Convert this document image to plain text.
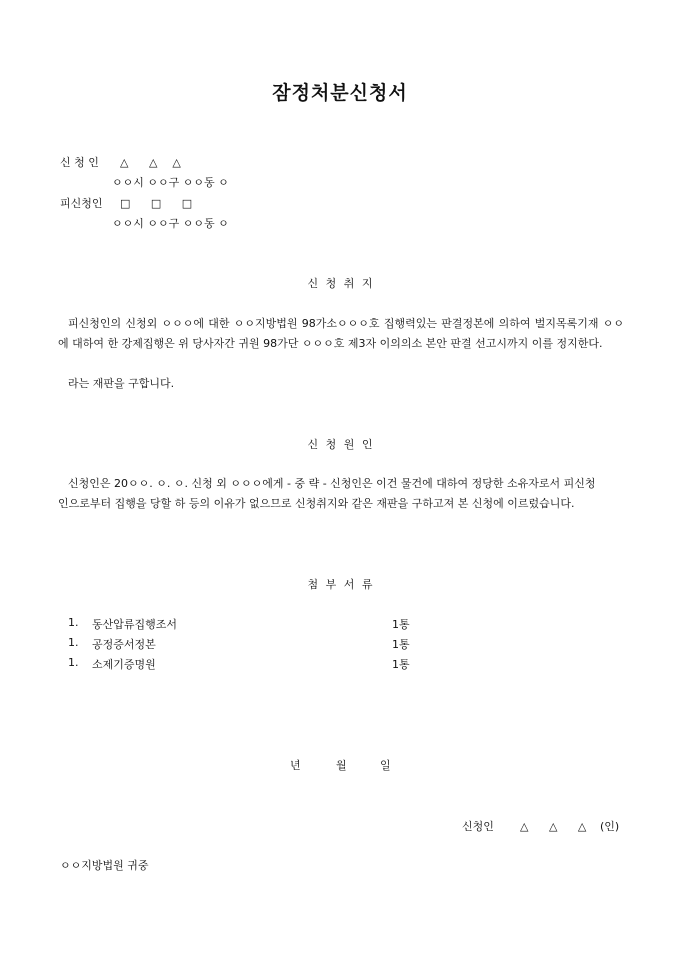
잠정처분신청서
신 청 인 △　 △　△
ㅇㅇ시 ㅇㅇ구 ㅇㅇ동 ㅇ
피신청인 □　 □　 □
ㅇㅇ시 ㅇㅇ구 ㅇㅇ동 ㅇ
신 청 취 지
피신청인의 신청외 ㅇㅇㅇ에 대한 ㅇㅇ지방법원 98가소ㅇㅇㅇ호 집행력있는 판결정본에 의하여 벌지목록기재 ㅇㅇ에 대하여 한 강제집행은 위 당사자간 귀원 98가단 ㅇㅇㅇ호 제3자 이의의소 본안 판결 선고시까지 이를 정지한다.
라는 재판을 구합니다.
신 청 원 인
신청인은 20ㅇㅇ. ㅇ. ㅇ. 신청 외 ㅇㅇㅇ에게 - 중 략 - 신청인은 이건 물건에 대하여 정당한 소유자로서 피신청인으로부터 집행을 당할 하 등의 이유가 없으므로 신청취지와 같은 재판을 구하고져 본 신청에 이르렀습니다.
첨 부 서 류
1. 동산압류집행조서	1통
1. 공정증서정본	1통
1. 소제기증명원	1통
년	월	일
신청인 △　 △　 △ (인)
ㅇㅇ지방법원 귀중
